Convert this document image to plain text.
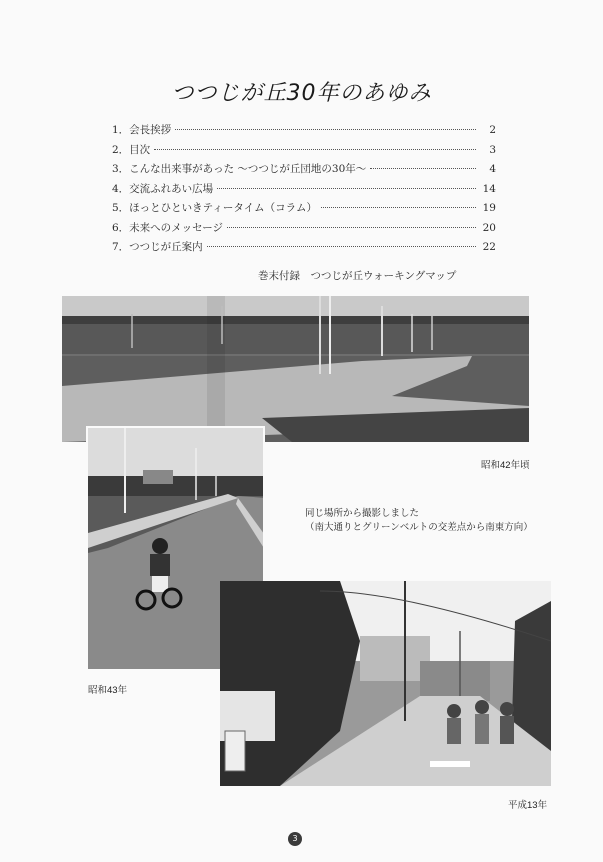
つつじが丘30年のあゆみ
1．会長挨拶	2
2．目次	3
3．こんな出来事があった 〜つつじが丘団地の30年〜	4
4．交流ふれあい広場	14
5．ほっとひといきティータイム（コラム）	19
6．未来へのメッセージ	20
7．つつじが丘案内	22
巻末付録　つつじが丘ウォーキングマップ
昭和42年頃
昭和43年
平成13年
同じ場所から撮影しました
（南大通りとグリーンベルトの交差点から南東方向）
3
